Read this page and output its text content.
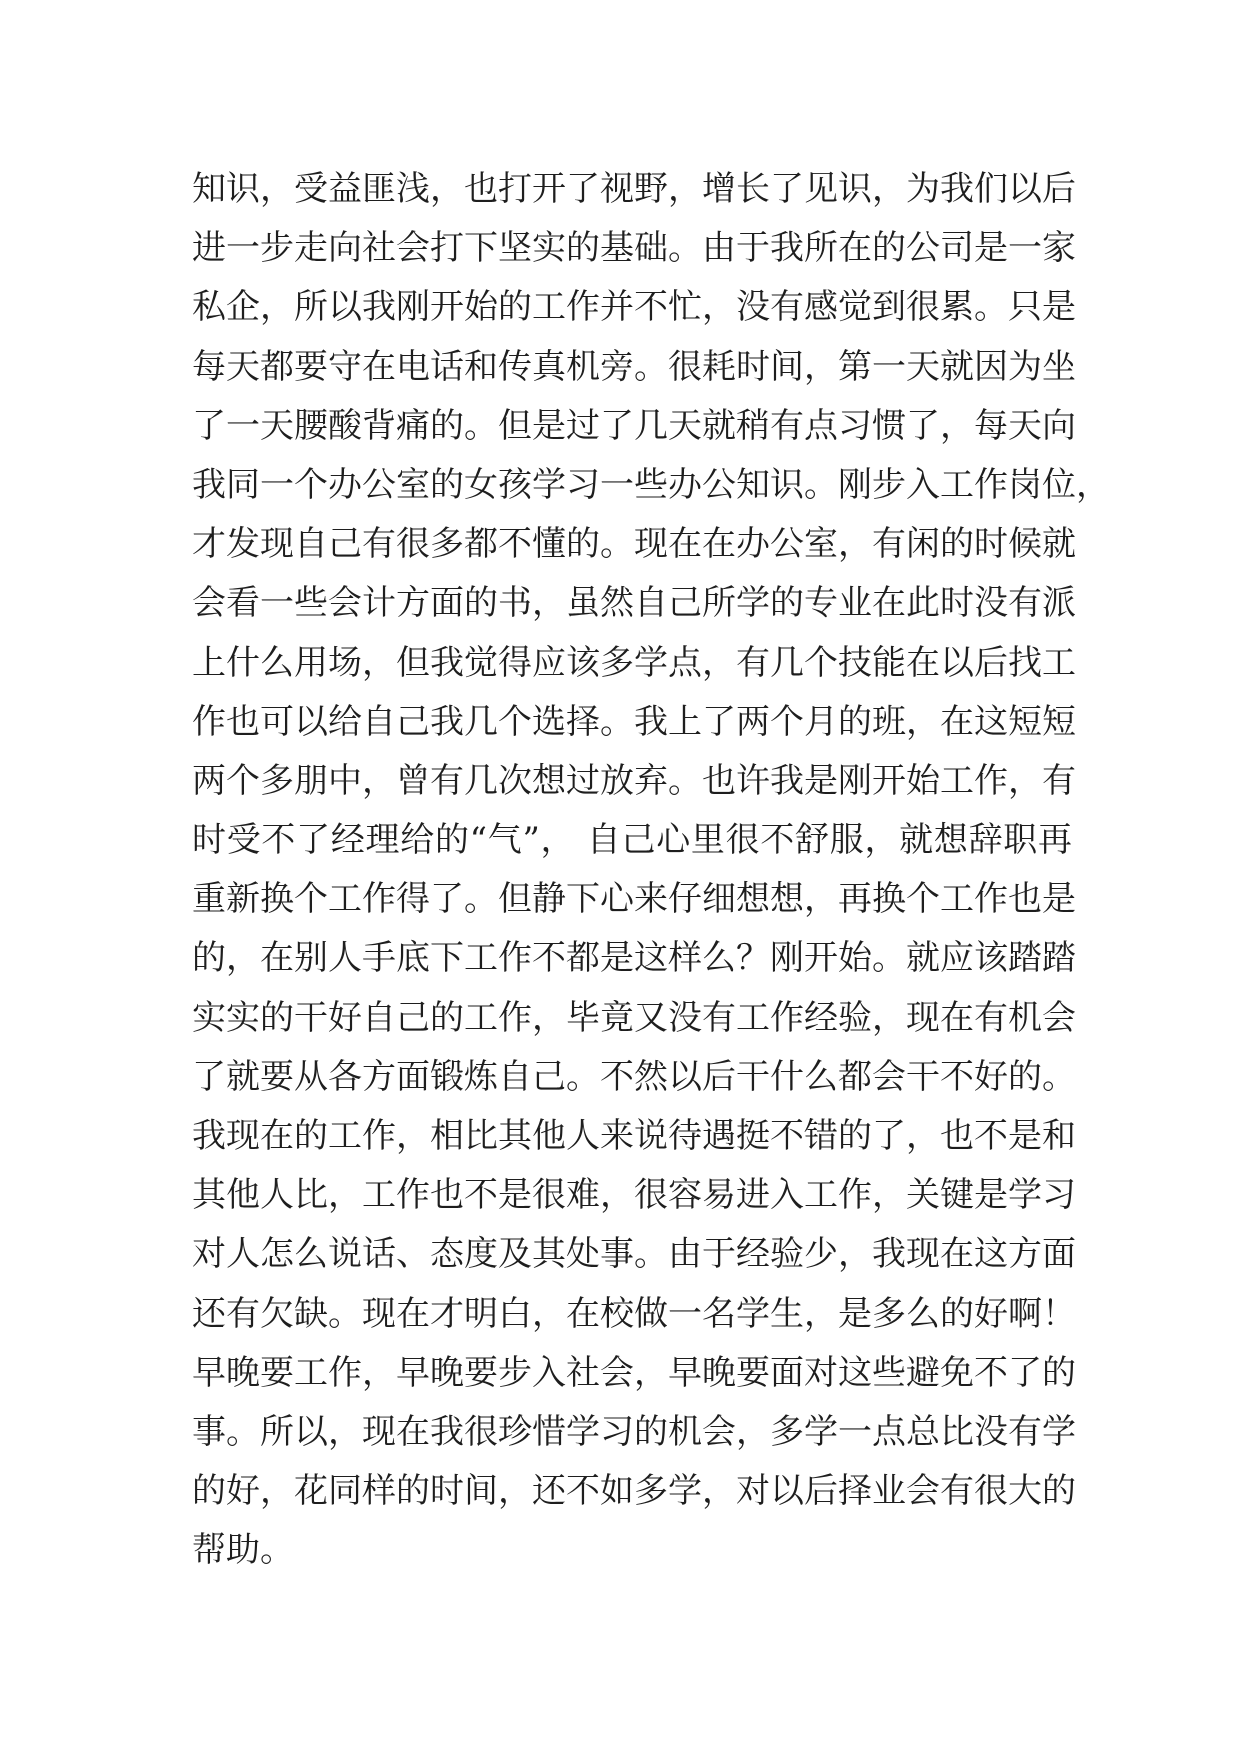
知识，受益匪浅，也打开了视野，增长了见识，为我们以后
进一步走向社会打下坚实的基础。由于我所在的公司是一家
私企，所以我刚开始的工作并不忙，没有感觉到很累。只是
每天都要守在电话和传真机旁。很耗时间，第一天就因为坐
了一天腰酸背痛的。但是过了几天就稍有点习惯了，每天向
我同一个办公室的女孩学习一些办公知识。刚步入工作岗位，
才发现自己有很多都不懂的。现在在办公室，有闲的时候就
会看一些会计方面的书，虽然自己所学的专业在此时没有派
上什么用场，但我觉得应该多学点，有几个技能在以后找工
作也可以给自己我几个选择。我上了两个月的班，在这短短
两个多朋中，曾有几次想过放弃。也许我是刚开始工作，有
时受不了经理给的“气”， 自己心里很不舒服，就想辞职再
重新换个工作得了。但静下心来仔细想想，再换个工作也是
的，在别人手底下工作不都是这样么？刚开始。就应该踏踏
实实的干好自己的工作，毕竟又没有工作经验，现在有机会
了就要从各方面锻炼自己。不然以后干什么都会干不好的。
我现在的工作，相比其他人来说待遇挺不错的了，也不是和
其他人比，工作也不是很难，很容易进入工作，关键是学习
对人怎么说话、态度及其处事。由于经验少，我现在这方面
还有欠缺。现在才明白，在校做一名学生，是多么的好啊！
早晚要工作，早晚要步入社会，早晚要面对这些避免不了的
事。所以，现在我很珍惜学习的机会，多学一点总比没有学
的好，花同样的时间，还不如多学，对以后择业会有很大的
帮助。
